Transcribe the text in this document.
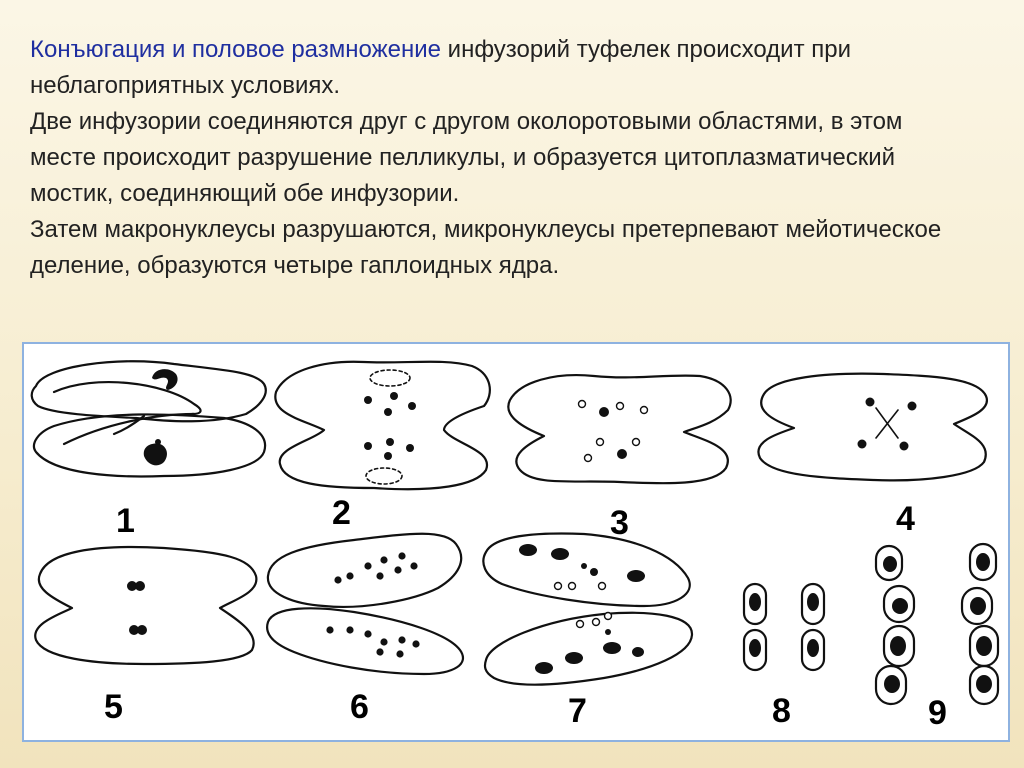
Конъюгация и половое размножение инфузорий туфелек происходит при неблагоприятных условиях.

Две инфузории соединяются друг с другом околоротовыми областями, в этом месте происходит разрушение пелликулы, и образуется цитоплазматический мостик, соединяющий обе инфузории.

Затем макронуклеусы разрушаются, микронуклеусы претерпевают мейотическое деление, образуются четыре гаплоидных ядра.

1	2	3	4
5	6	7	8	9
